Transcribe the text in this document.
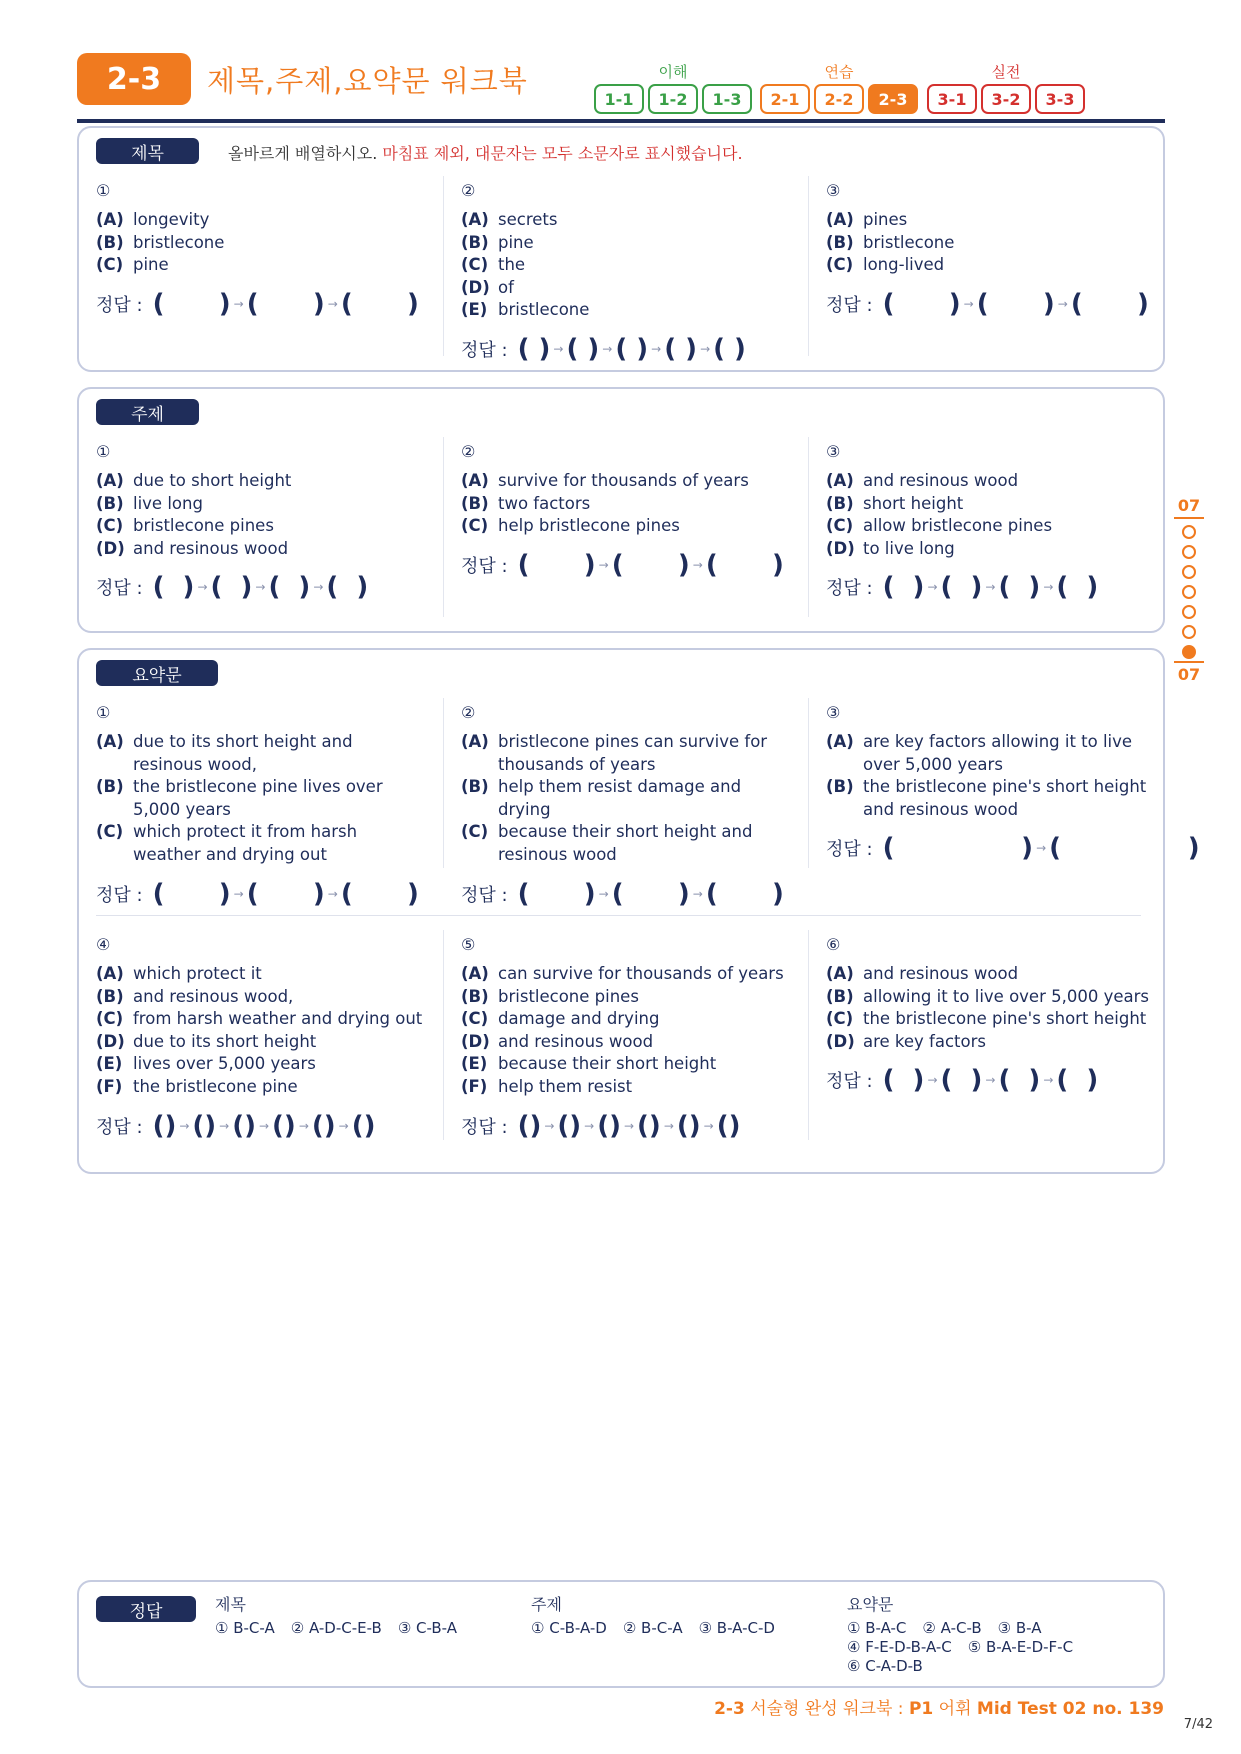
2-3	제목,주제,요약문 워크북	이해
1-1	1-2	1-3
연습
2-1	2-2	2-3
실전
3-1	3-2	3-3
제목	올바르게 배열하시오. 마침표 제외, 대문자는 모두 소문자로 표시했습니다.
①
(A) longevity
(B) bristlecone
(C) pine
정답 : (      ) → (      ) → (      )
②
(A) secrets
(B) pine
(C) the
(D) of
(E) bristlecone
정답 : ( ) → ( ) → ( ) → ( ) → ( )
③
(A) pines
(B) bristlecone
(C) long-lived
정답 : (      ) → (      ) → (      )
주제
①
(A) due to short height
(B) live long
(C) bristlecone pines
(D) and resinous wood
정답 : (  ) → (  ) → (  ) → (  )
②
(A) survive for thousands of years
(B) two factors
(C) help bristlecone pines
정답 : (      ) → (      ) → (      )
③
(A) and resinous wood
(B) short height
(C) allow bristlecone pines
(D) to live long
정답 : (  ) → (  ) → (  ) → (  )
요약문
①
(A) due to its short height and resinous wood,
(B) the bristlecone pine lives over 5,000 years
(C) which protect it from harsh weather and drying out
정답 : (      ) → (      ) → (      )
②
(A) bristlecone pines can survive for thousands of years
(B) help them resist damage and drying
(C) because their short height and resinous wood
정답 : (      ) → (      ) → (      )
③
(A) are key factors allowing it to live over 5,000 years
(B) the bristlecone pine's short height and resinous wood
정답 : (              ) → (              )
④
(A) which protect it
(B) and resinous wood,
(C) from harsh weather and drying out
(D) due to its short height
(E) lives over 5,000 years
(F) the bristlecone pine
정답 : () → () → () → () → () → ()
⑤
(A) can survive for thousands of years
(B) bristlecone pines
(C) damage and drying
(D) and resinous wood
(E) because their short height
(F) help them resist
정답 : () → () → () → () → () → ()
⑥
(A) and resinous wood
(B) allowing it to live over 5,000 years
(C) the bristlecone pine's short height
(D) are key factors
정답 : (  ) → (  ) → (  ) → (  )
07
07
정답	제목
① B-C-A ② A-D-C-E-B ③ C-B-A
주제
① C-B-A-D ② B-C-A ③ B-A-C-D
요약문
① B-A-C ② A-C-B ③ B-A
④ F-E-D-B-A-C ⑤ B-A-E-D-F-C
⑥ C-A-D-B
2-3 서술형 완성 워크북 : P1 어휘 Mid Test 02 no. 139
7/42
